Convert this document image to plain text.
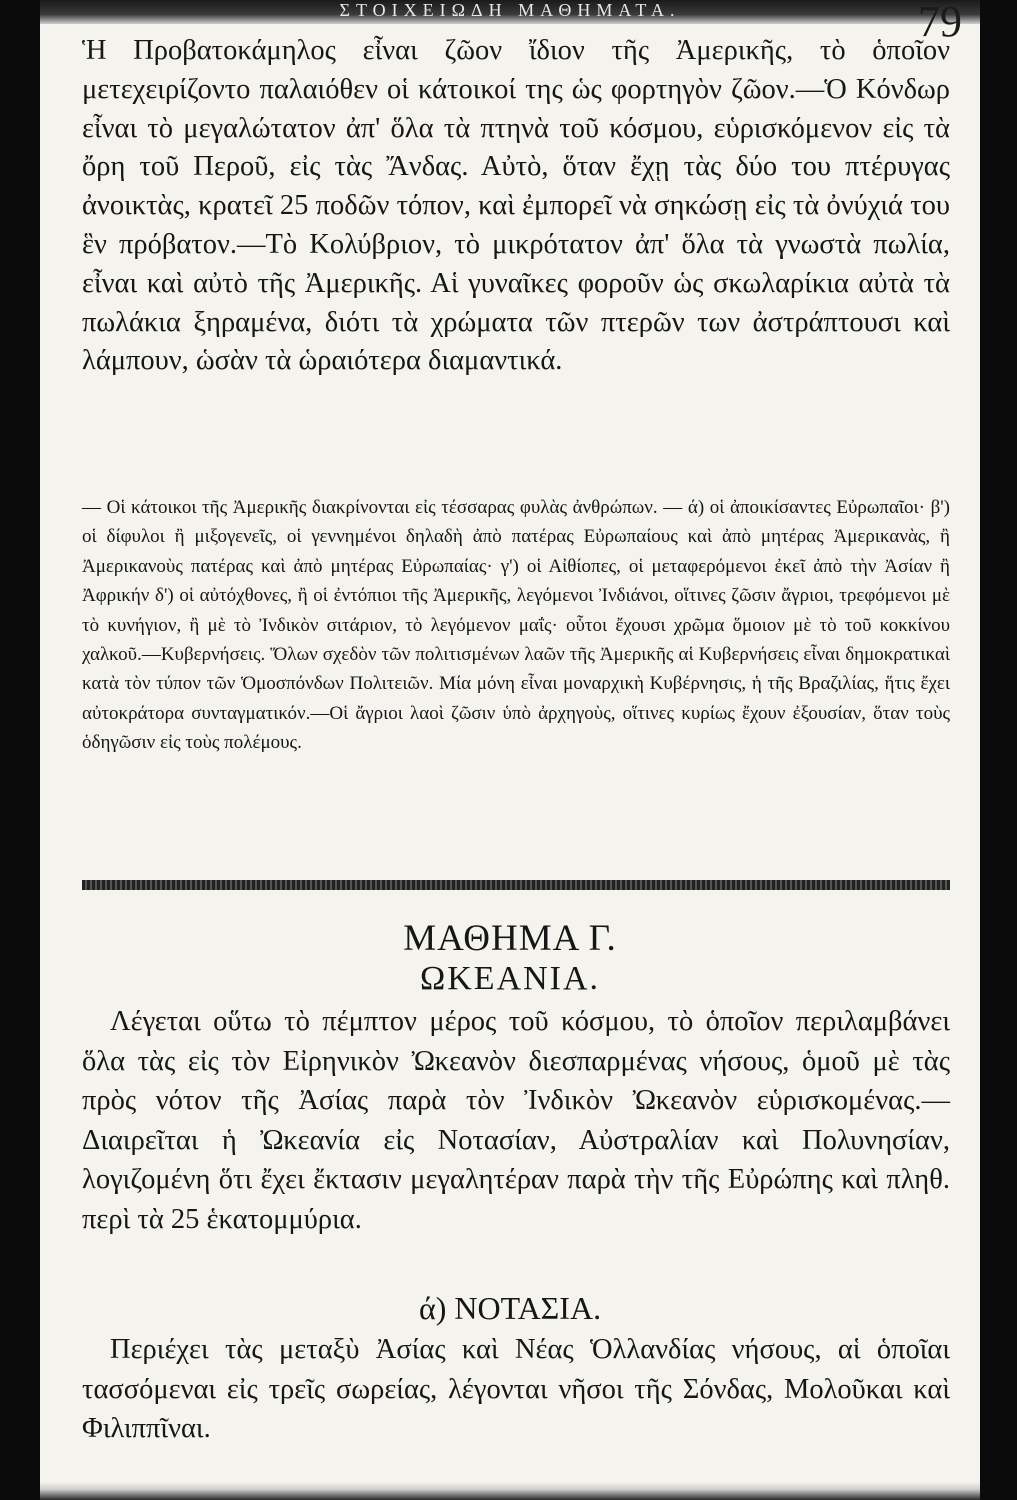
ΣΤΟΙΧΕΙΩΔΗ ΜΑΘΗΜΑΤΑ.	79

Ἡ Προβατοκάμηλος εἶναι ζῶον ἴδιον τῆς Ἀμερικῆς, τὸ ὁποῖον μετεχειρίζοντο παλαιόθεν οἱ κάτοικοί της ὡς φορτηγὸν ζῶον.—Ὁ Κόνδωρ εἶναι τὸ μεγαλώτατον ἀπ' ὅλα τὰ πτηνὰ τοῦ κόσμου, εὑρισκόμενον εἰς τὰ ὄρη τοῦ Περοῦ, εἰς τὰς Ἄνδας. Αὐτὸ, ὅταν ἔχῃ τὰς δύο του πτέρυγας ἀνοικτὰς, κρατεῖ 25 ποδῶν τόπον, καὶ ἐμπορεῖ νὰ σηκώσῃ εἰς τὰ ὀνύχιά του ἓν πρόβατον.—Τὸ Κολύβριον, τὸ μικρότατον ἀπ' ὅλα τὰ γνωστὰ πωλία, εἶναι καὶ αὐτὸ τῆς Ἀμερικῆς. Αἱ γυναῖκες φοροῦν ὡς σκωλαρίκια αὐτὰ τὰ πωλάκια ξηραμένα, διότι τὰ χρώματα τῶν πτερῶν των ἀστράπτουσι καὶ λάμπουν, ὡσὰν τὰ ὡραιότερα διαμαντικά.

— Οἱ κάτοικοι τῆς Ἀμερικῆς διακρίνονται εἰς τέσσαρας φυλὰς ἀνθρώπων. — ά) οἱ ἀποικίσαντες Εὐρωπαῖοι· β') οἱ δίφυλοι ἢ μιξογενεῖς, οἱ γεννημένοι δηλαδὴ ἀπὸ πατέρας Εὐρωπαίους καὶ ἀπὸ μητέρας Ἀμερικανὰς, ἢ Ἀμερικανοὺς πατέρας καὶ ἀπὸ μητέρας Εὐρωπαίας· γ') οἱ Αἰθίοπες, οἱ μεταφερόμενοι ἐκεῖ ἀπὸ τὴν Ἀσίαν ἢ Ἀφρικήν δ') οἱ αὐτόχθονες, ἢ οἱ ἐντόπιοι τῆς Ἀμερικῆς, λεγόμενοι Ἰνδιάνοι, οἵτινες ζῶσιν ἄγριοι, τρεφόμενοι μὲ τὸ κυνήγιον, ἢ μὲ τὸ Ἰνδικὸν σιτάριον, τὸ λεγόμενον μαΐς· οὗτοι ἔχουσι χρῶμα ὅμοιον μὲ τὸ τοῦ κοκκίνου χαλκοῦ.—Κυβερνήσεις. Ὅλων σχεδὸν τῶν πολιτισμένων λαῶν τῆς Ἀμερικῆς αἱ Κυβερνήσεις εἶναι δημοκρατικαὶ κατὰ τὸν τύπον τῶν Ὁμοσπόνδων Πολιτειῶν. Μία μόνη εἶναι μοναρχικὴ Κυβέρνησις, ἡ τῆς Βραζιλίας, ἥτις ἔχει αὐτοκράτορα συνταγματικόν.—Οἱ ἄγριοι λαοὶ ζῶσιν ὑπὸ ἀρχηγοὺς, οἵτινες κυρίως ἔχουν ἐξουσίαν, ὅταν τοὺς ὁδηγῶσιν εἰς τοὺς πολέμους.

ΜΑΘΗΜΑ Γ.
ΩΚΕΑΝΙΑ.

Λέγεται οὕτω τὸ πέμπτον μέρος τοῦ κόσμου, τὸ ὁποῖον περιλαμβάνει ὅλα τὰς εἰς τὸν Εἰρηνικὸν Ὠκεανὸν διεσπαρμένας νήσους, ὁμοῦ μὲ τὰς πρὸς νότον τῆς Ἀσίας παρὰ τὸν Ἰνδικὸν Ὠκεανὸν εὑρισκομένας.—Διαιρεῖται ἡ Ὠκεανία εἰς Νοτασίαν, Αὐστραλίαν καὶ Πολυνησίαν, λογιζομένη ὅτι ἔχει ἔκτασιν μεγαλητέραν παρὰ τὴν τῆς Εὐρώπης καὶ πληθ. περὶ τὰ 25 ἑκατομμύρια.

ά) ΝΟΤΑΣΙΑ.

Περιέχει τὰς μεταξὺ Ἀσίας καὶ Νέας Ὁλλανδίας νήσους, αἱ ὁποῖαι τασσόμεναι εἰς τρεῖς σωρείας, λέγονται νῆσοι τῆς Σόνδας, Μολοῦκαι καὶ Φιλιππῖναι.
